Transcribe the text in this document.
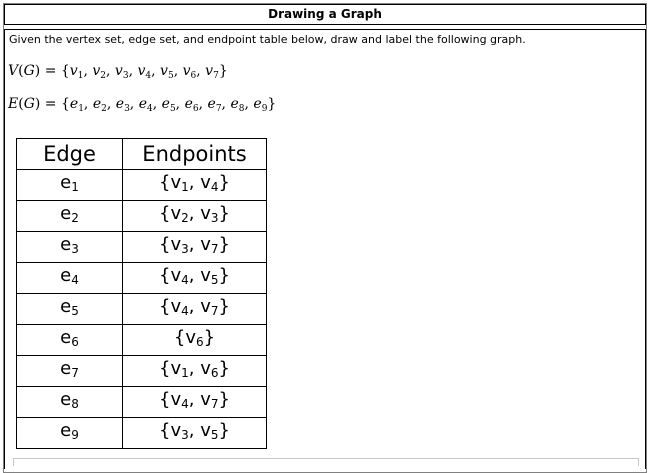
Drawing a Graph
Given the vertex set, edge set, and endpoint table below, draw and label the following graph.
$V(G) = \{v_1$, $v_2$, $v_3$, $v_4$, $v_5$, $v_6$, $v_7$}
$E(G) = \{e_1$, $e_2$, $e_3$, $e_4$, $e_5$, $e_6$, $e_7$, $e_8$, $e_9$}
Edge	Endpoints
$e_1$	{$v_1$, $v_4$}
$e_2$	{$v_2$, $v_3$}
$e_3$	{$v_3$, $v_7$}
$e_4$	{$v_4$, $v_5$}
$e_5$	{$v_4$, $v_7$}
$e_6$	$\{v_6\}$
$e_7$	{$v_1$, $v_6$}
$e_8$	{$v_4$, $v_7$}
$e_9$	{$v_3$, $v_5$}
